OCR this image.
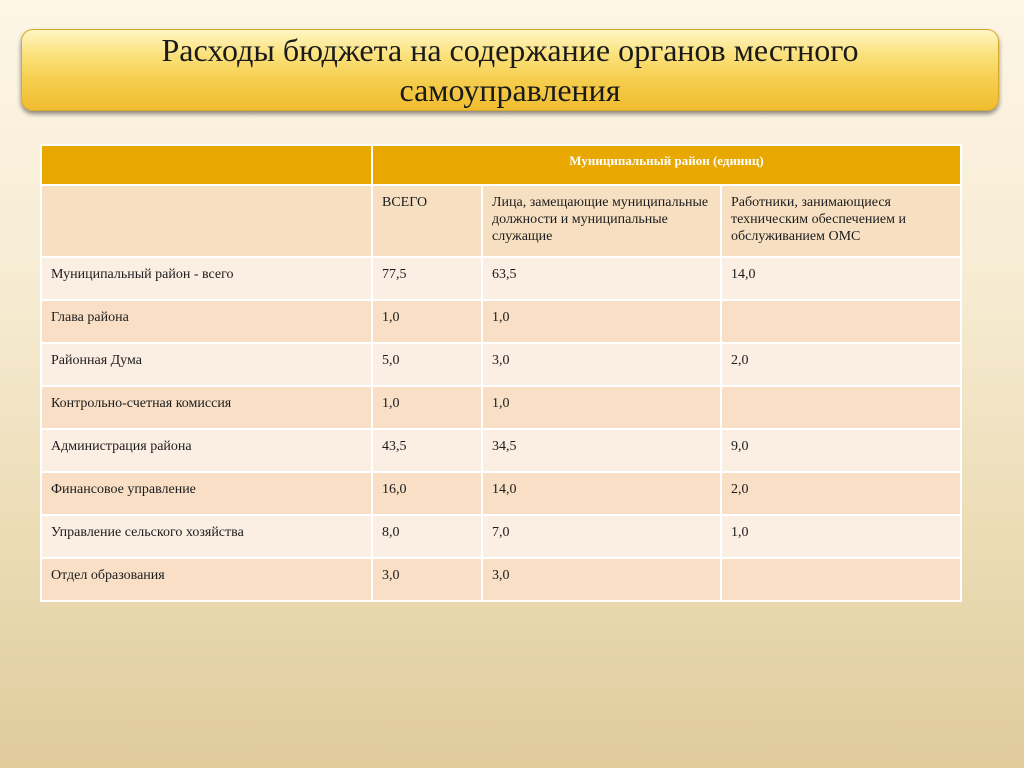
Расходы бюджета на содержание органов местного самоуправления
	Муниципальный район (единиц)		
	ВСЕГО	Лица, замещающие муниципальные должности и муниципальные служащие	Работники, занимающиеся техническим обеспечением и обслуживанием ОМС
Муниципальный район - всего	77,5	63,5	14,0
Глава района	1,0	1,0	
Районная Дума	5,0	3,0	2,0
Контрольно-счетная комиссия	1,0	1,0	
Администрация района	43,5	34,5	9,0
Финансовое управление	16,0	14,0	2,0
Управление сельского хозяйства	8,0	7,0	1,0
Отдел образования	3,0	3,0	
